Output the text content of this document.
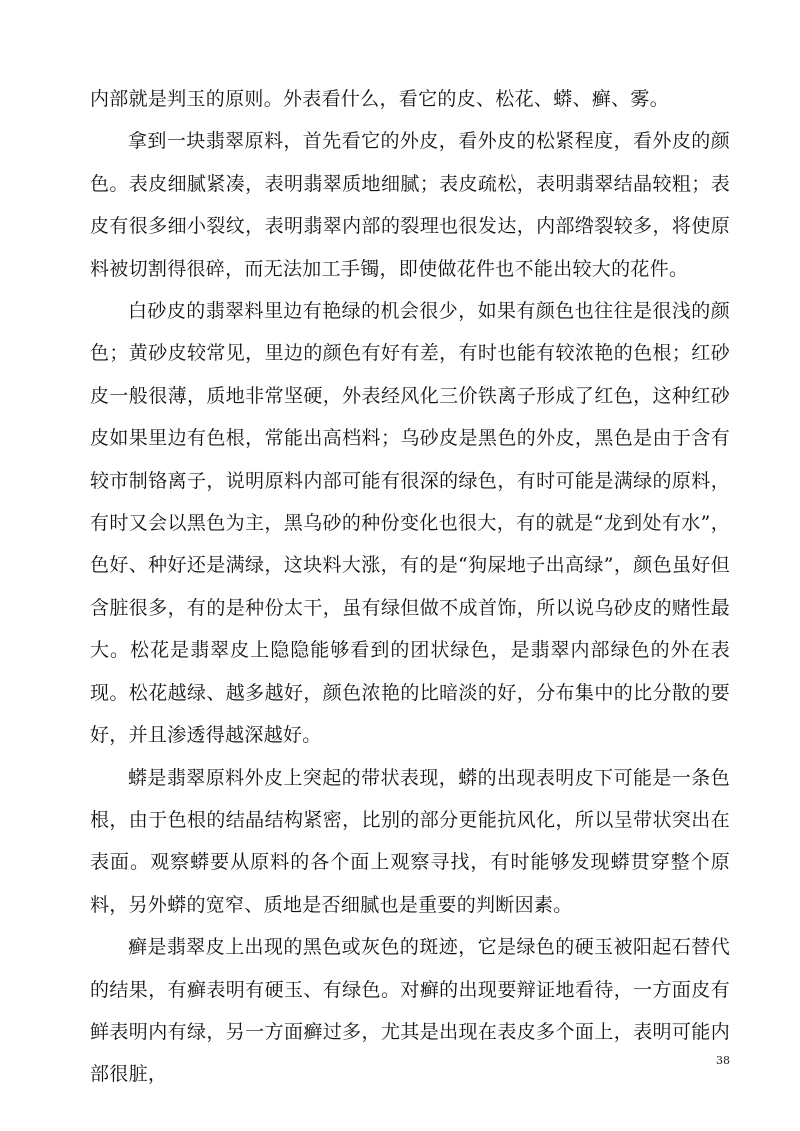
内部就是判玉的原则。外表看什么，看它的皮、松花、蟒、癣、雾。

拿到一块翡翠原料，首先看它的外皮，看外皮的松紧程度，看外皮的颜色。表皮细腻紧凑，表明翡翠质地细腻；表皮疏松，表明翡翠结晶较粗；表皮有很多细小裂纹，表明翡翠内部的裂理也很发达，内部绺裂较多，将使原料被切割得很碎，而无法加工手镯，即使做花件也不能出较大的花件。

白砂皮的翡翠料里边有艳绿的机会很少，如果有颜色也往往是很浅的颜色；黄砂皮较常见，里边的颜色有好有差，有时也能有较浓艳的色根；红砂皮一般很薄，质地非常坚硬，外表经风化三价铁离子形成了红色，这种红砂皮如果里边有色根，常能出高档料；乌砂皮是黑色的外皮，黑色是由于含有较市制铬离子，说明原料内部可能有很深的绿色，有时可能是满绿的原料，有时又会以黑色为主，黑乌砂的种份变化也很大，有的就是“龙到处有水”，色好、种好还是满绿，这块料大涨，有的是“狗屎地子出高绿”，颜色虽好但含脏很多，有的是种份太干，虽有绿但做不成首饰，所以说乌砂皮的赌性最大。松花是翡翠皮上隐隐能够看到的团状绿色，是翡翠内部绿色的外在表现。松花越绿、越多越好，颜色浓艳的比暗淡的好，分布集中的比分散的要好，并且渗透得越深越好。

蟒是翡翠原料外皮上突起的带状表现，蟒的出现表明皮下可能是一条色根，由于色根的结晶结构紧密，比别的部分更能抗风化，所以呈带状突出在表面。观察蟒要从原料的各个面上观察寻找，有时能够发现蟒贯穿整个原料，另外蟒的宽窄、质地是否细腻也是重要的判断因素。

癣是翡翠皮上出现的黑色或灰色的斑迹，它是绿色的硬玉被阳起石替代的结果，有癣表明有硬玉、有绿色。对癣的出现要辩证地看待，一方面皮有鲜表明内有绿，另一方面癣过多，尤其是出现在表皮多个面上，表明可能内部很脏，

38
